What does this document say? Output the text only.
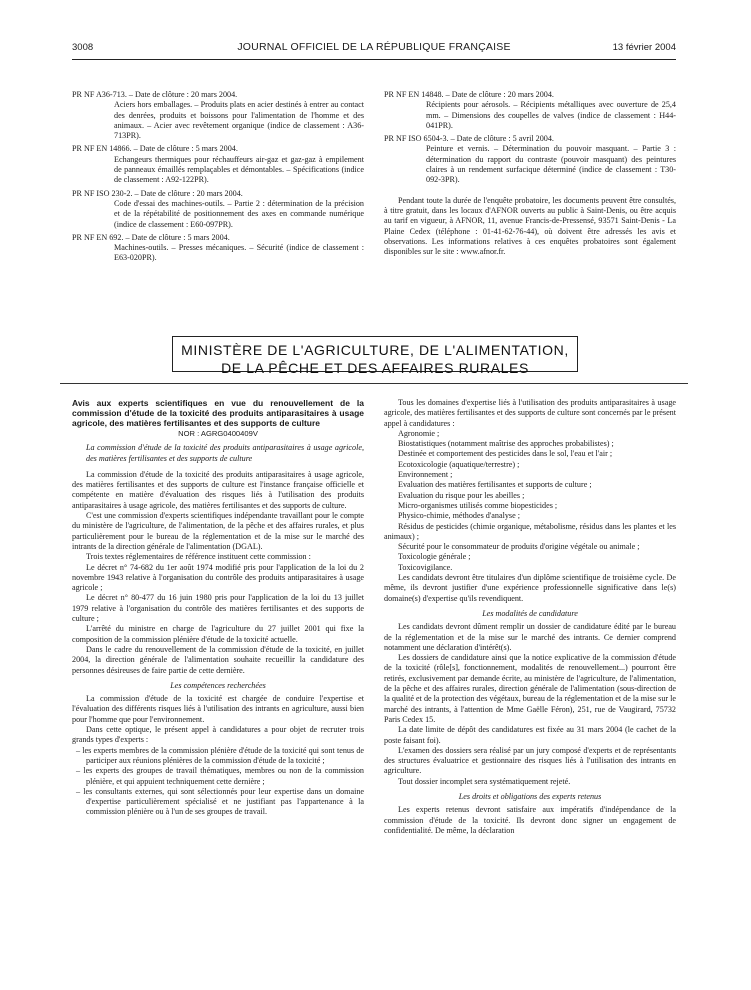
3008	JOURNAL OFFICIEL DE LA RÉPUBLIQUE FRANÇAISE	13 février 2004

PR NF A36-713. – Date de clôture : 20 mars 2004.

Aciers hors emballages. – Produits plats en acier destinés à entrer au contact des denrées, produits et boissons pour l'alimentation de l'homme et des animaux. – Acier avec revêtement organique (indice de classement : A36-713PR).

PR NF EN 14866. – Date de clôture : 5 mars 2004.

Echangeurs thermiques pour réchauffeurs air-gaz et gaz-gaz à empilement de panneaux émaillés remplaçables et démontables. – Spécifications (indice de classement : A92-122PR).

PR NF ISO 230-2. – Date de clôture : 20 mars 2004.

Code d'essai des machines-outils. – Partie 2 : détermination de la précision et de la répétabilité de positionnement des axes en commande numérique (indice de classement : E60-097PR).

PR NF EN 692. – Date de clôture : 5 mars 2004.

Machines-outils. – Presses mécaniques. – Sécurité (indice de classement : E63-020PR).

PR NF EN 14848. – Date de clôture : 20 mars 2004.

Récipients pour aérosols. – Récipients métalliques avec ouverture de 25,4 mm. – Dimensions des coupelles de valves (indice de classement : H44-041PR).

PR NF ISO 6504-3. – Date de clôture : 5 avril 2004.

Peinture et vernis. – Détermination du pouvoir masquant. – Partie 3 : détermination du rapport du contraste (pouvoir masquant) des peintures claires à un rendement surfacique déterminé (indice de classement : T30-092-3PR).

Pendant toute la durée de l'enquête probatoire, les documents peuvent être consultés, à titre gratuit, dans les locaux d'AFNOR ouverts au public à Saint-Denis, ou être acquis au tarif en vigueur, à AFNOR, 11, avenue Francis-de-Pressensé, 93571 Saint-Denis - La Plaine Cedex (téléphone : 01-41-62-76-44), où doivent être adressés les avis et observations. Les informations relatives à ces enquêtes probatoires sont également disponibles sur le site : www.afnor.fr.

MINISTÈRE DE L'AGRICULTURE, DE L'ALIMENTATION,
DE LA PÊCHE ET DES AFFAIRES RURALES

Avis aux experts scientifiques en vue du renouvellement de la commission d'étude de la toxicité des produits antiparasitaires à usage agricole, des matières fertilisantes et des supports de culture

NOR : AGRG0400409V

La commission d'étude de la toxicité des produits antiparasitaires à usage agricole, des matières fertilisantes et des supports de culture

La commission d'étude de la toxicité des produits antiparasitaires à usage agricole, des matières fertilisantes et des supports de culture est l'instance française officielle et compétente en matière d'évaluation des risques liés à l'utilisation des produits antiparasitaires à usage agricole, des matières fertilisantes et des supports de culture.

C'est une commission d'experts scientifiques indépendante travaillant pour le compte du ministère de l'agriculture, de l'alimentation, de la pêche et des affaires rurales, et plus particulièrement pour le bureau de la réglementation et de la mise sur le marché des intrants de la direction générale de l'alimentation (DGAL).

Trois textes réglementaires de référence instituent cette commission :

Le décret n° 74-682 du 1er août 1974 modifié pris pour l'application de la loi du 2 novembre 1943 relative à l'organisation du contrôle des produits antiparasitaires à usage agricole ;

Le décret n° 80-477 du 16 juin 1980 pris pour l'application de la loi du 13 juillet 1979 relative à l'organisation du contrôle des matières fertilisantes et des supports de culture ;

L'arrêté du ministre en charge de l'agriculture du 27 juillet 2001 qui fixe la composition de la commission plénière d'étude de la toxicité actuelle.

Dans le cadre du renouvellement de la commission d'étude de la toxicité, en juillet 2004, la direction générale de l'alimentation souhaite recueillir la candidature des personnes désireuses de faire partie de cette dernière.

Les compétences recherchées

La commission d'étude de la toxicité est chargée de conduire l'expertise et l'évaluation des différents risques liés à l'utilisation des intrants en agriculture, aussi bien pour l'homme que pour l'environnement.

Dans cette optique, le présent appel à candidatures a pour objet de recruter trois grands types d'experts :

– les experts membres de la commission plénière d'étude de la toxicité qui sont tenus de participer aux réunions plénières de la commission d'étude de la toxicité ;

– les experts des groupes de travail thématiques, membres ou non de la commission plénière, et qui appuient techniquement cette dernière ;

– les consultants externes, qui sont sélectionnés pour leur expertise dans un domaine d'expertise particulièrement spécialisé et ne justifiant pas l'appartenance à la commission plénière ou à l'un de ses groupes de travail.

Tous les domaines d'expertise liés à l'utilisation des produits antiparasitaires à usage agricole, des matières fertilisantes et des supports de culture sont concernés par le présent appel à candidatures :

Agronomie ;

Biostatistiques (notamment maîtrise des approches probabilistes) ;

Destinée et comportement des pesticides dans le sol, l'eau et l'air ;

Ecotoxicologie (aquatique/terrestre) ;

Environnement ;

Evaluation des matières fertilisantes et supports de culture ;

Evaluation du risque pour les abeilles ;

Micro-organismes utilisés comme biopesticides ;

Physico-chimie, méthodes d'analyse ;

Résidus de pesticides (chimie organique, métabolisme, résidus dans les plantes et les animaux) ;

Sécurité pour le consommateur de produits d'origine végétale ou animale ;

Toxicologie générale ;

Toxicovigilance.

Les candidats devront être titulaires d'un diplôme scientifique de troisième cycle. De même, ils devront justifier d'une expérience professionnelle significative dans le(s) domaine(s) d'expertise qu'ils revendiquent.

Les modalités de candidature

Les candidats devront dûment remplir un dossier de candidature édité par le bureau de la réglementation et de la mise sur le marché des intrants. Ce dernier comprend notamment une déclaration d'intérêt(s).

Les dossiers de candidature ainsi que la notice explicative de la commission d'étude de la toxicité (rôle[s], fonctionnement, modalités de renouvellement...) pourront être retirés, exclusivement par demande écrite, au ministère de l'agriculture, de l'alimentation, de la pêche et des affaires rurales, direction générale de l'alimentation (sous-direction de la qualité et de la protection des végétaux, bureau de la réglementation et de la mise sur le marché des intrants, à l'attention de Mme Gaëlle Féron), 251, rue de Vaugirard, 75732 Paris Cedex 15.

La date limite de dépôt des candidatures est fixée au 31 mars 2004 (le cachet de la poste faisant foi).

L'examen des dossiers sera réalisé par un jury composé d'experts et de représentants des structures évaluatrice et gestionnaire des risques liés à l'utilisation des intrants en agriculture.

Tout dossier incomplet sera systématiquement rejeté.

Les droits et obligations des experts retenus

Les experts retenus devront satisfaire aux impératifs d'indépendance de la commission d'étude de la toxicité. Ils devront donc signer un engagement de confidentialité. De même, la déclaration
